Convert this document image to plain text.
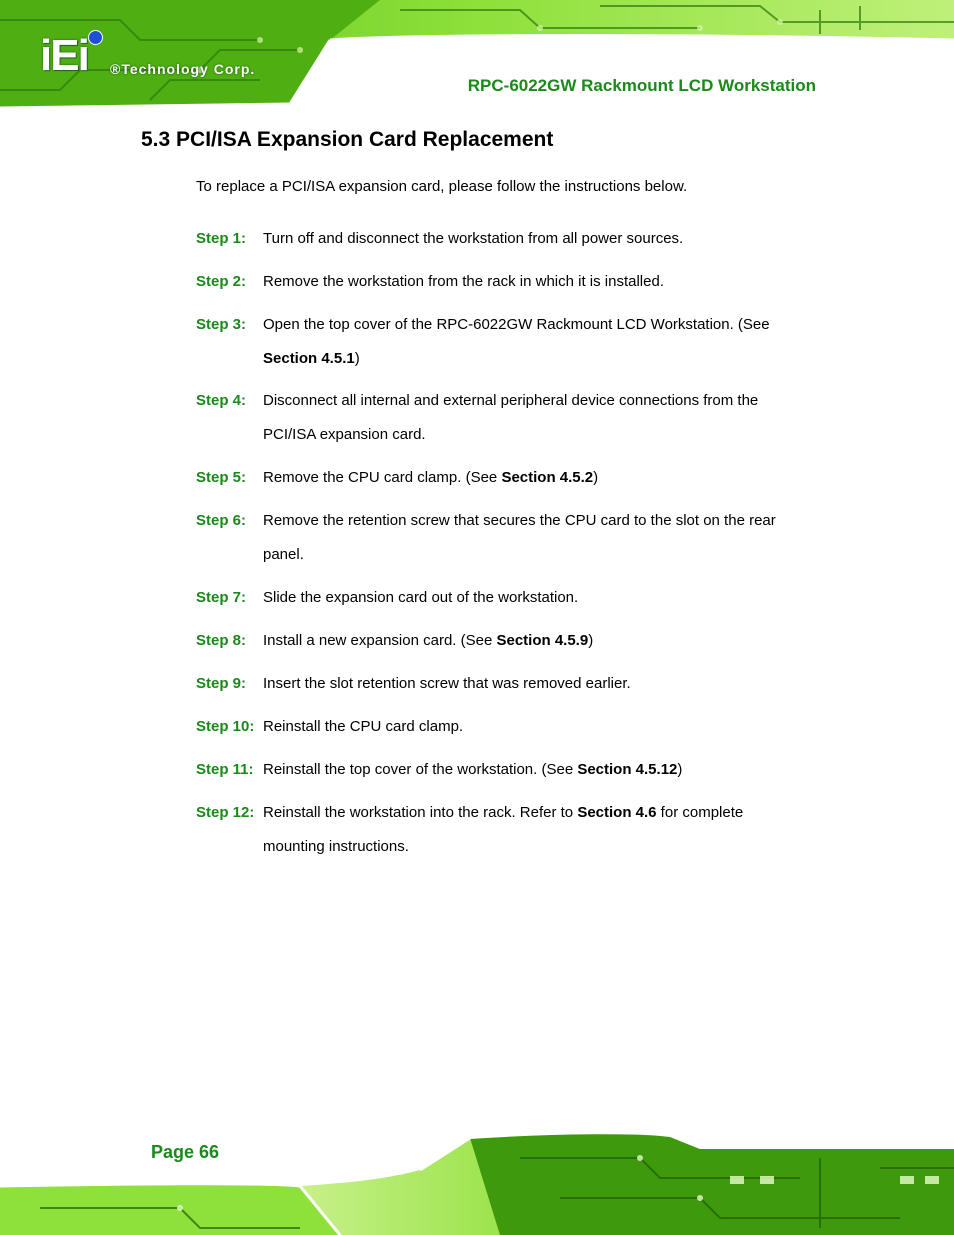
iEi ®Technology Corp.
RPC-6022GW Rackmount LCD Workstation
5.3 PCI/ISA Expansion Card Replacement
To replace a PCI/ISA expansion card, please follow the instructions below.
Step 1:	Turn off and disconnect the workstation from all power sources.
Step 2:	Remove the workstation from the rack in which it is installed.
Step 3:	Open the top cover of the RPC-6022GW Rackmount LCD Workstation. (See Section 4.5.1)
Step 4:	Disconnect all internal and external peripheral device connections from the PCI/ISA expansion card.
Step 5:	Remove the CPU card clamp. (See Section 4.5.2)
Step 6:	Remove the retention screw that secures the CPU card to the slot on the rear panel.
Step 7:	Slide the expansion card out of the workstation.
Step 8:	Install a new expansion card. (See Section 4.5.9)
Step 9:	Insert the slot retention screw that was removed earlier.
Step 10: Reinstall the CPU card clamp.
Step 11: Reinstall the top cover of the workstation. (See Section 4.5.12)
Step 12: Reinstall the workstation into the rack. Refer to Section 4.6 for complete mounting instructions.
Page 66
